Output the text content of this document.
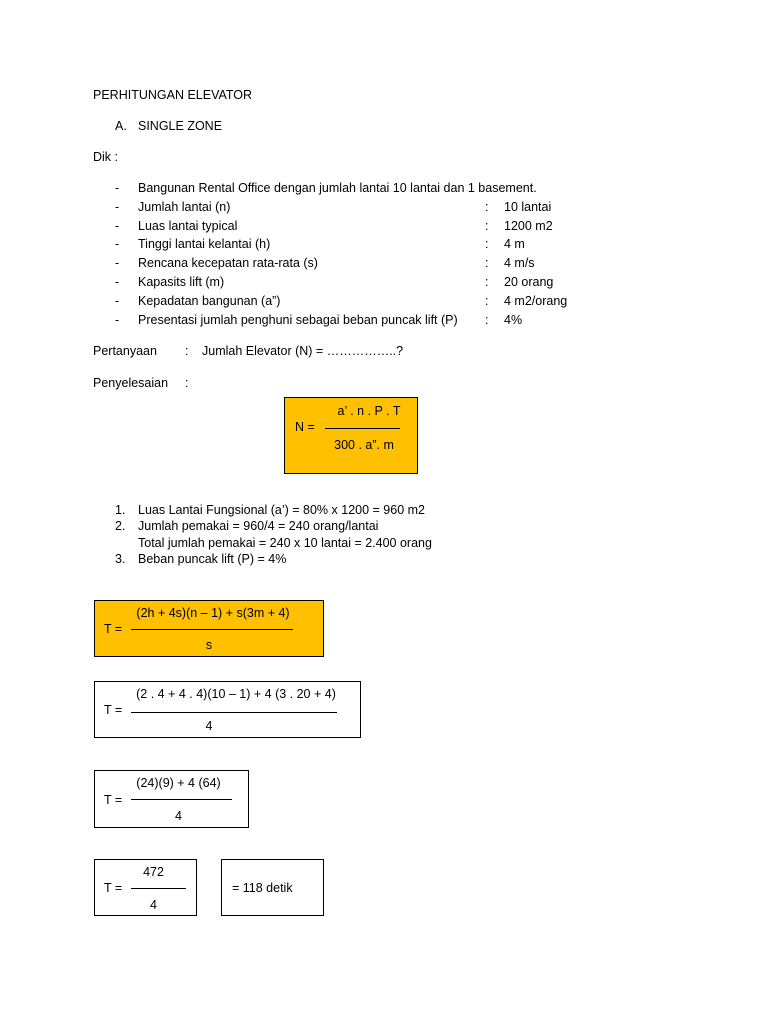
PERHITUNGAN ELEVATOR
A. SINGLE ZONE
Dik :
- Bangunan Rental Office dengan jumlah lantai 10 lantai dan 1 basement.
- Jumlah lantai (n)	: 10 lantai
- Luas lantai typical	: 1200 m2
- Tinggi lantai kelantai (h)	: 4 m
- Rencana kecepatan rata-rata (s)	: 4 m/s
- Kapasits lift (m)	: 20 orang
- Kepadatan bangunan (a”)	: 4 m2/orang
- Presentasi jumlah penghuni sebagai beban puncak lift (P) : 4%
Pertanyaan : Jumlah Elevator (N) = ……………..?
Penyelesaian :
N =
a’ . n . P . T
300 . a”. m
1. Luas Lantai Fungsional (a’) = 80% x 1200 = 960 m2
2. Jumlah pemakai = 960/4 = 240 orang/lantai
Total jumlah pemakai = 240 x 10 lantai = 2.400 orang
3. Beban puncak lift (P) = 4%
T =
(2h + 4s)(n – 1) + s(3m + 4)
s
T =
(2 . 4 + 4 . 4)(10 – 1) + 4 (3 . 20 + 4)
4
T =
(24)(9) + 4 (64)
4
T =
472
4
= 118 detik
